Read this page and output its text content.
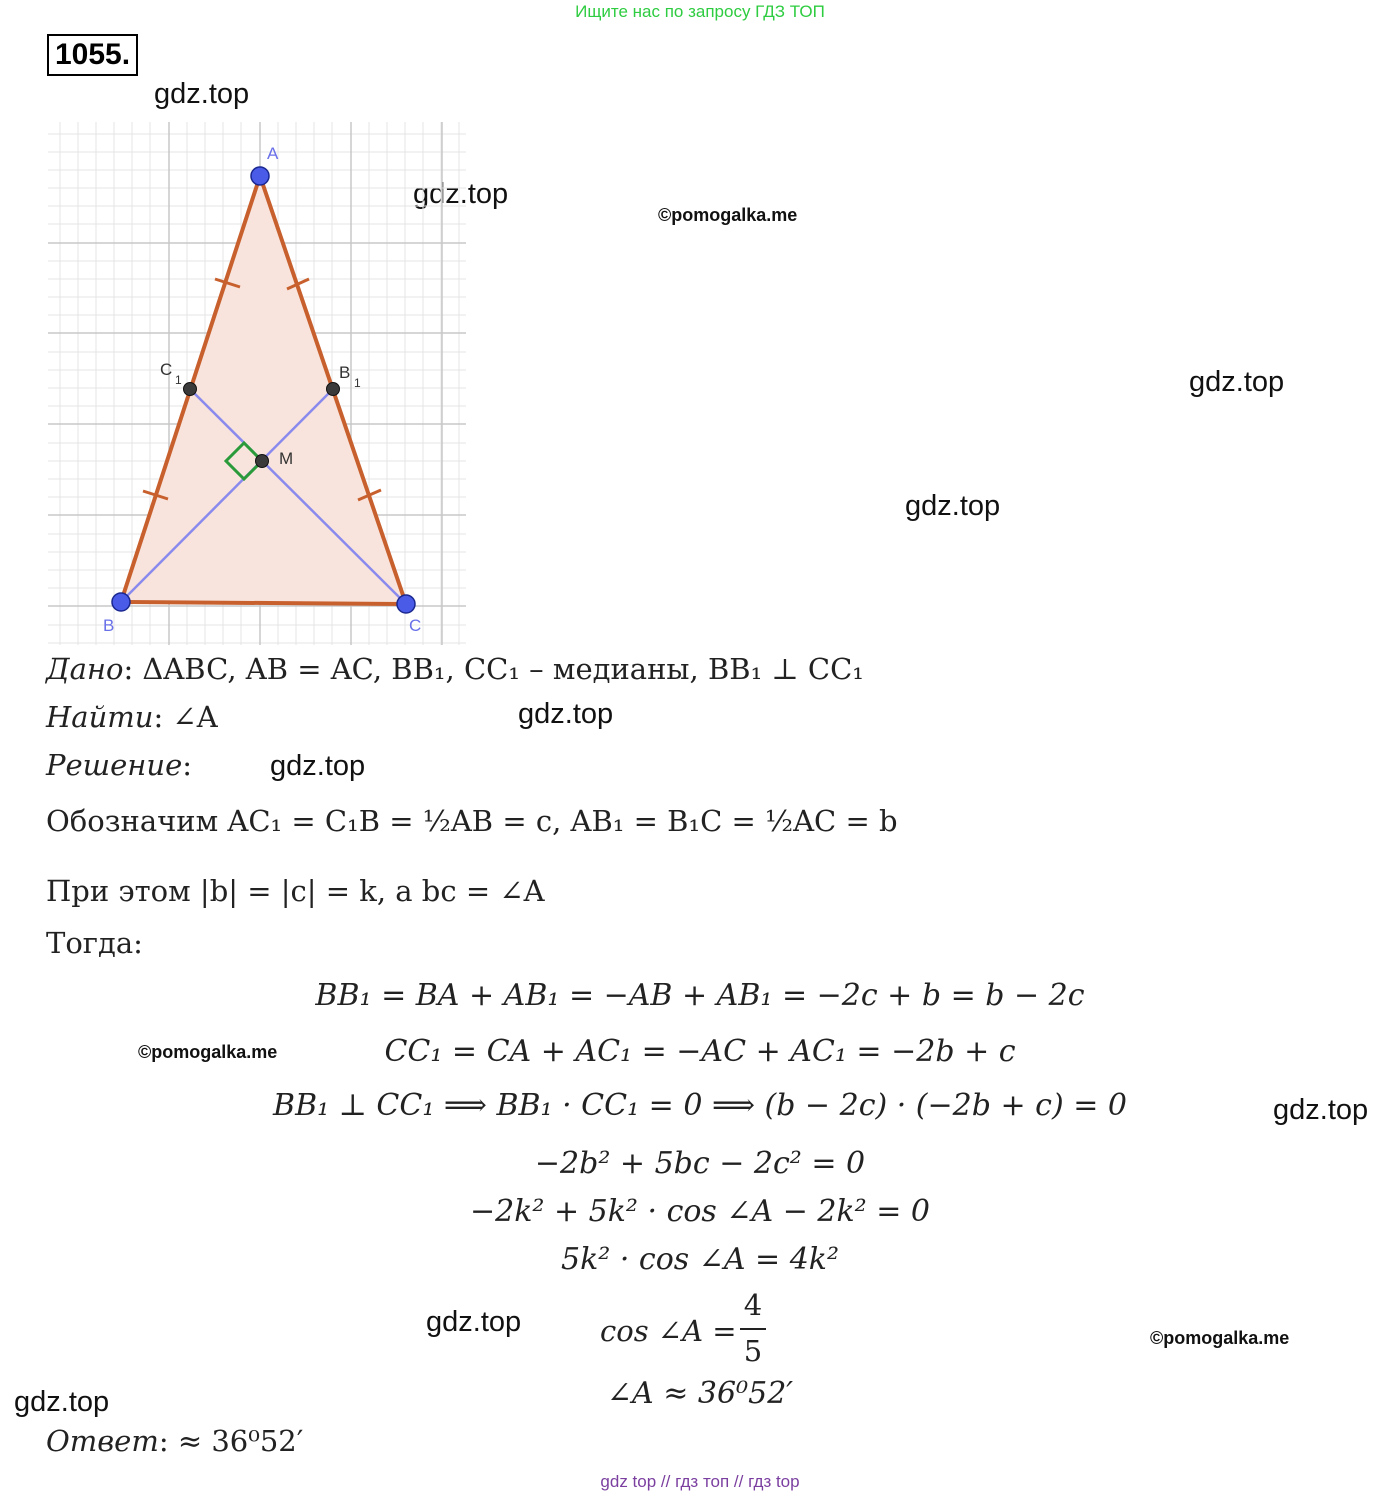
Ищите нас по запросу ГДЗ ТОП
1055.
gdz.top
gdz.top
©pomogalka.me
gdz.top
gdz.top
gdz.top
gdz.top
©pomogalka.me
gdz.top
gdz.top	©pomogalka.me
gdz.top
A
B	C
C
1	B
1
M
Дано: ΔABC, AB = AC, BB₁, CC₁ – медианы, BB₁ ⊥ CC₁
Найти: ∠A
Решение:
Обозначим AC₁ = C₁B = ½AB = c, AB₁ = B₁C = ½AC = b
При этом |b| = |c| = k, а bc = ∠A
Тогда:
BB₁ = BA + AB₁ = −AB + AB₁ = −2c + b = b − 2c
CC₁ = CA + AC₁ = −AC + AC₁ = −2b + c
BB₁ ⊥ CC₁ ⟹ BB₁ · CC₁ = 0 ⟹ (b − 2c) · (−2b + c) = 0
−2b² + 5bc − 2c² = 0
−2k² + 5k² · cos ∠A − 2k² = 0
5k² · cos ∠A = 4k²
cos ∠A =
4
5
∠A ≈ 36⁰52′
Ответ: ≈ 36⁰52′
gdz top // гдз топ // гдз top
